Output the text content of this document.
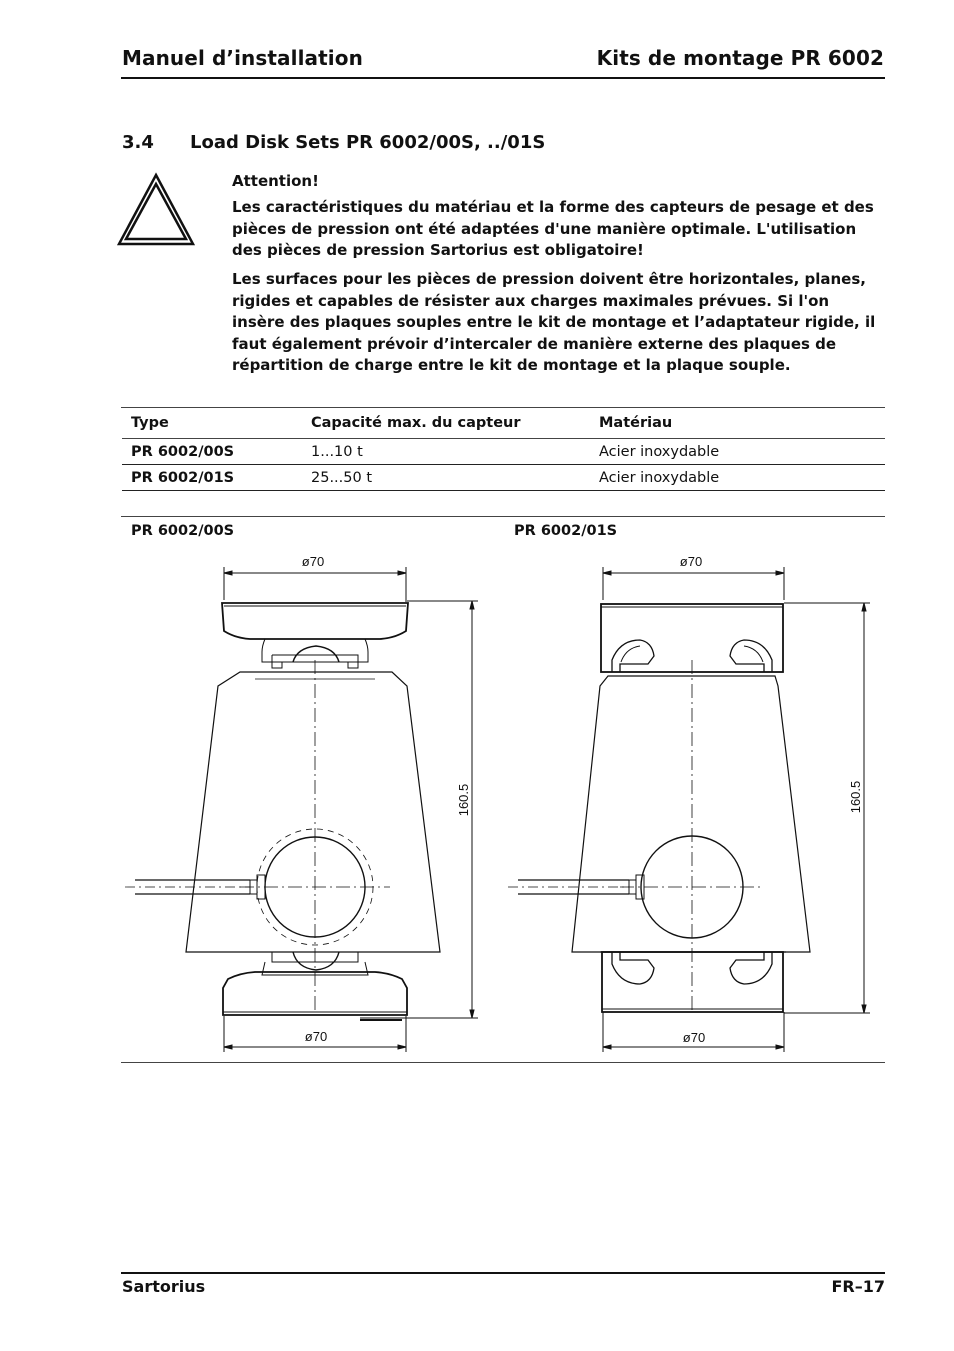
Manuel d’installation	Kits de montage PR 6002
3.4 Load Disk Sets PR 6002/00S, ../01S
Attention!
Les caractéristiques du matériau et la forme des capteurs de pesage et des pièces de pression ont été adaptées d'une manière optimale. L'utilisation des pièces de pression Sartorius est obligatoire!
Les surfaces pour les pièces de pression doivent être horizontales, planes, rigides et capables de résister aux charges maximales prévues. Si l'on insère des plaques souples entre le kit de montage et l’adaptateur rigide, il faut également prévoir d’intercaler de manière externe des plaques de répartition de charge entre le kit de montage et la plaque souple.
Type	Capacité max. du capteur	Matériau
PR 6002/00S	1...10 t	Acier inoxydable
PR 6002/01S	25...50 t	Acier inoxydable
PR 6002/00S	PR 6002/01S
ø70
ø70
160.5
ø70
ø70
160.5
Sartorius	FR–17
